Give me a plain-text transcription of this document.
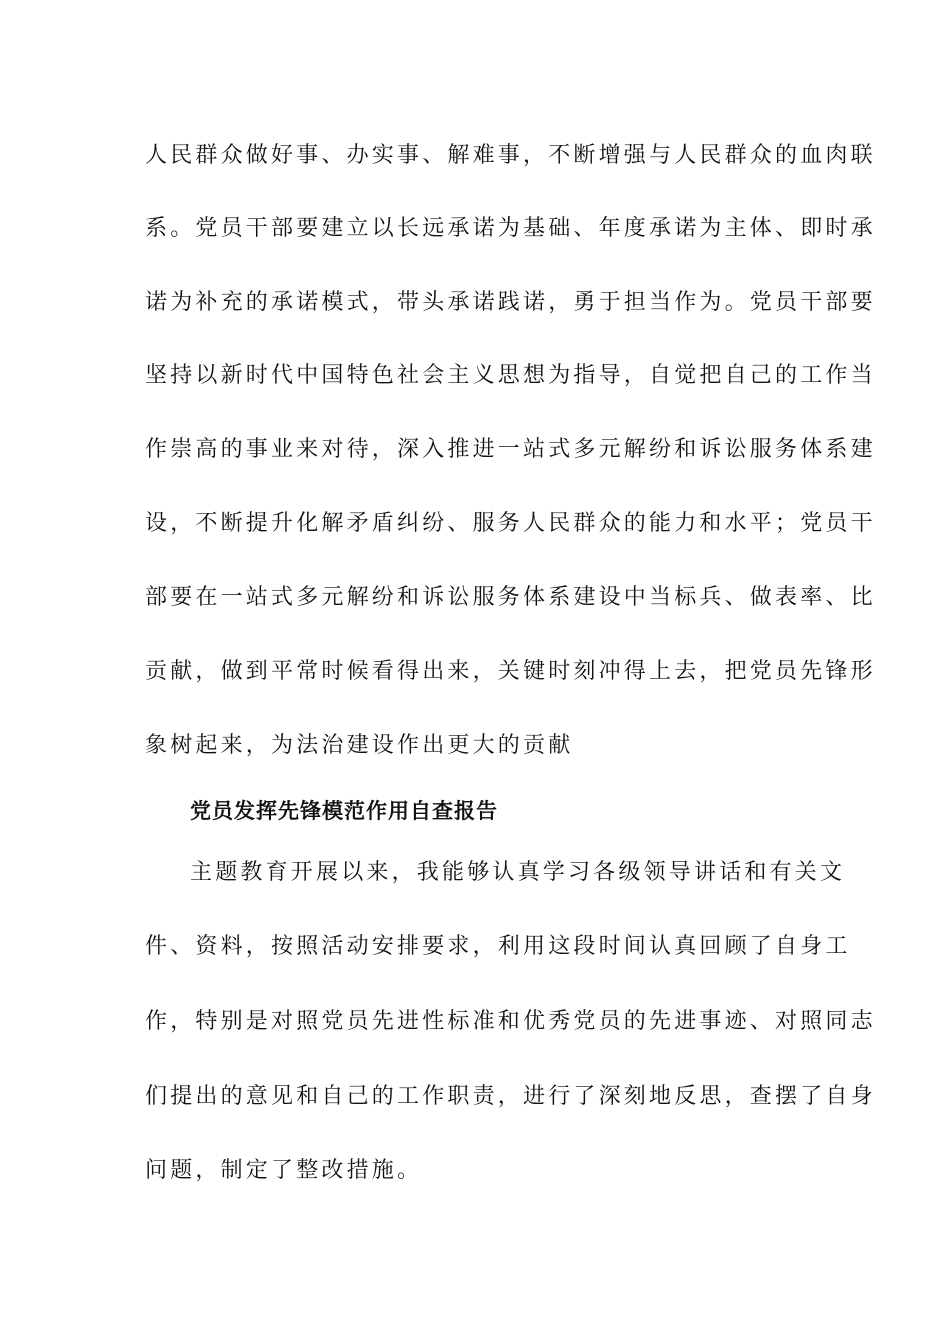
人民群众做好事、办实事、解难事，不断增强与人民群众的血肉联
系。党员干部要建立以长远承诺为基础、年度承诺为主体、即时承
诺为补充的承诺模式，带头承诺践诺，勇于担当作为。党员干部要
坚持以新时代中国特色社会主义思想为指导，自觉把自己的工作当
作崇高的事业来对待，深入推进一站式多元解纷和诉讼服务体系建
设，不断提升化解矛盾纠纷、服务人民群众的能力和水平；党员干
部要在一站式多元解纷和诉讼服务体系建设中当标兵、做表率、比
贡献，做到平常时候看得出来，关键时刻冲得上去，把党员先锋形
象树起来，为法治建设作出更大的贡献
党员发挥先锋模范作用自查报告
主题教育开展以来，我能够认真学习各级领导讲话和有关文
件、资料，按照活动安排要求，利用这段时间认真回顾了自身工
作，特别是对照党员先进性标准和优秀党员的先进事迹、对照同志
们提出的意见和自己的工作职责，进行了深刻地反思，查摆了自身
问题，制定了整改措施。
